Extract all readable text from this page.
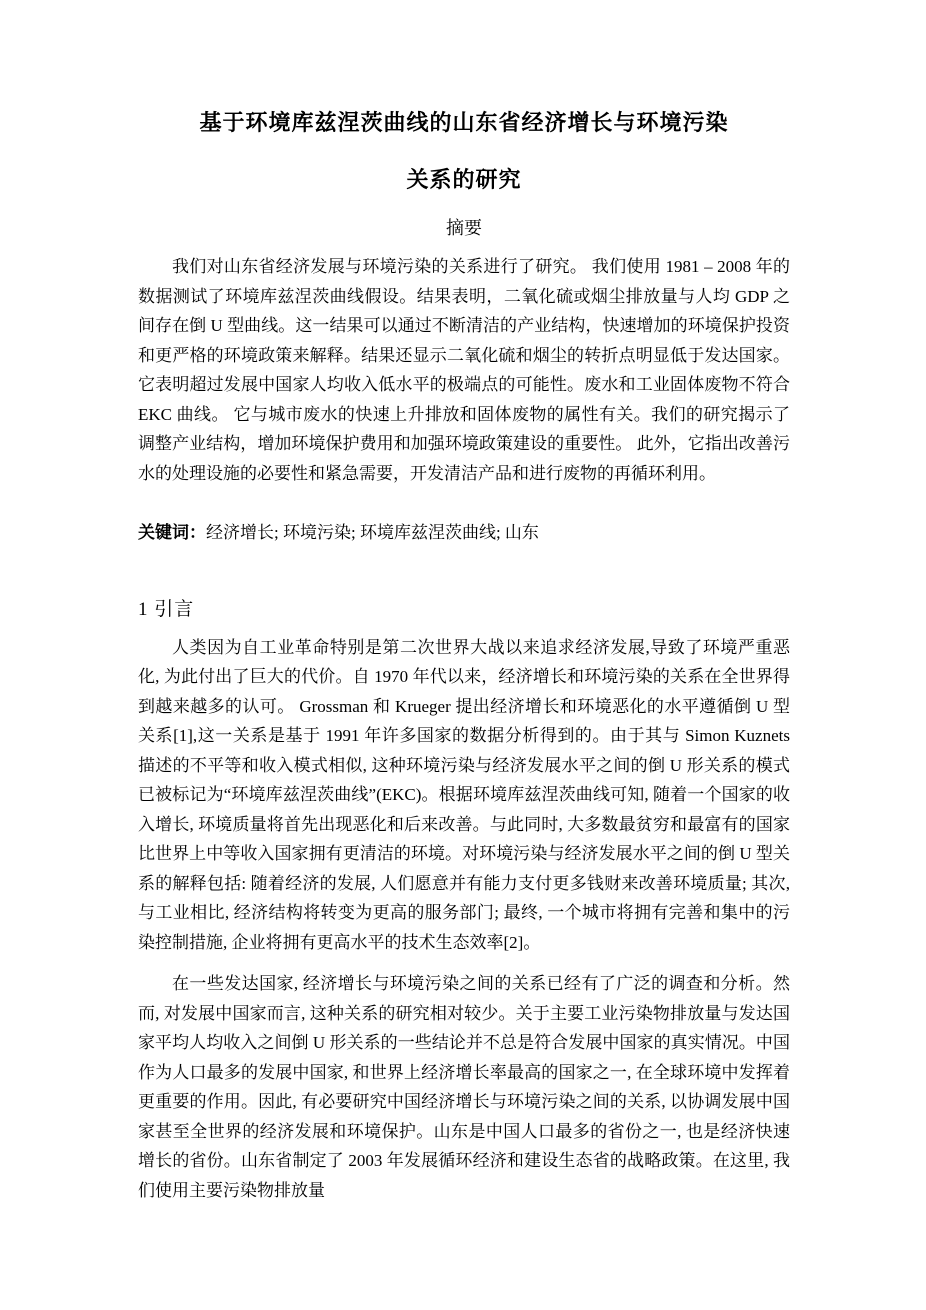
基于环境库兹涅茨曲线的山东省经济增长与环境污染
关系的研究
摘要

我们对山东省经济发展与环境污染的关系进行了研究。 我们使用 1981 – 2008 年的数据测试了环境库兹涅茨曲线假设。结果表明，二氧化硫或烟尘排放量与人均 GDP 之间存在倒 U 型曲线。这一结果可以通过不断清洁的产业结构，快速增加的环境保护投资和更严格的环境政策来解释。结果还显示二氧化硫和烟尘的转折点明显低于发达国家。它表明超过发展中国家人均收入低水平的极端点的可能性。废水和工业固体废物不符合 EKC 曲线。 它与城市废水的快速上升排放和固体废物的属性有关。我们的研究揭示了调整产业结构，增加环境保护费用和加强环境政策建设的重要性。 此外，它指出改善污水的处理设施的必要性和紧急需要，开发清洁产品和进行废物的再循环利用。

关键词：经济增长; 环境污染; 环境库兹涅茨曲线; 山东

1 引言

人类因为自工业革命特别是第二次世界大战以来追求经济发展,导致了环境严重恶化, 为此付出了巨大的代价。自 1970 年代以来，经济增长和环境污染的关系在全世界得到越来越多的认可。 Grossman 和 Krueger 提出经济增长和环境恶化的水平遵循倒 U 型关系[1],这一关系是基于 1991 年许多国家的数据分析得到的。由于其与 Simon Kuznets 描述的不平等和收入模式相似, 这种环境污染与经济发展水平之间的倒 U 形关系的模式已被标记为“环境库兹涅茨曲线”(EKC)。根据环境库兹涅茨曲线可知, 随着一个国家的收入增长, 环境质量将首先出现恶化和后来改善。与此同时, 大多数最贫穷和最富有的国家比世界上中等收入国家拥有更清洁的环境。对环境污染与经济发展水平之间的倒 U 型关系的解释包括: 随着经济的发展, 人们愿意并有能力支付更多钱财来改善环境质量; 其次, 与工业相比, 经济结构将转变为更高的服务部门; 最终, 一个城市将拥有完善和集中的污染控制措施, 企业将拥有更高水平的技术生态效率[2]。

在一些发达国家, 经济增长与环境污染之间的关系已经有了广泛的调查和分析。然而, 对发展中国家而言, 这种关系的研究相对较少。关于主要工业污染物排放量与发达国家平均人均收入之间倒 U 形关系的一些结论并不总是符合发展中国家的真实情况。中国作为人口最多的发展中国家, 和世界上经济增长率最高的国家之一, 在全球环境中发挥着更重要的作用。因此, 有必要研究中国经济增长与环境污染之间的关系, 以协调发展中国家甚至全世界的经济发展和环境保护。山东是中国人口最多的省份之一, 也是经济快速增长的省份。山东省制定了 2003 年发展循环经济和建设生态省的战略政策。在这里, 我们使用主要污染物排放量
